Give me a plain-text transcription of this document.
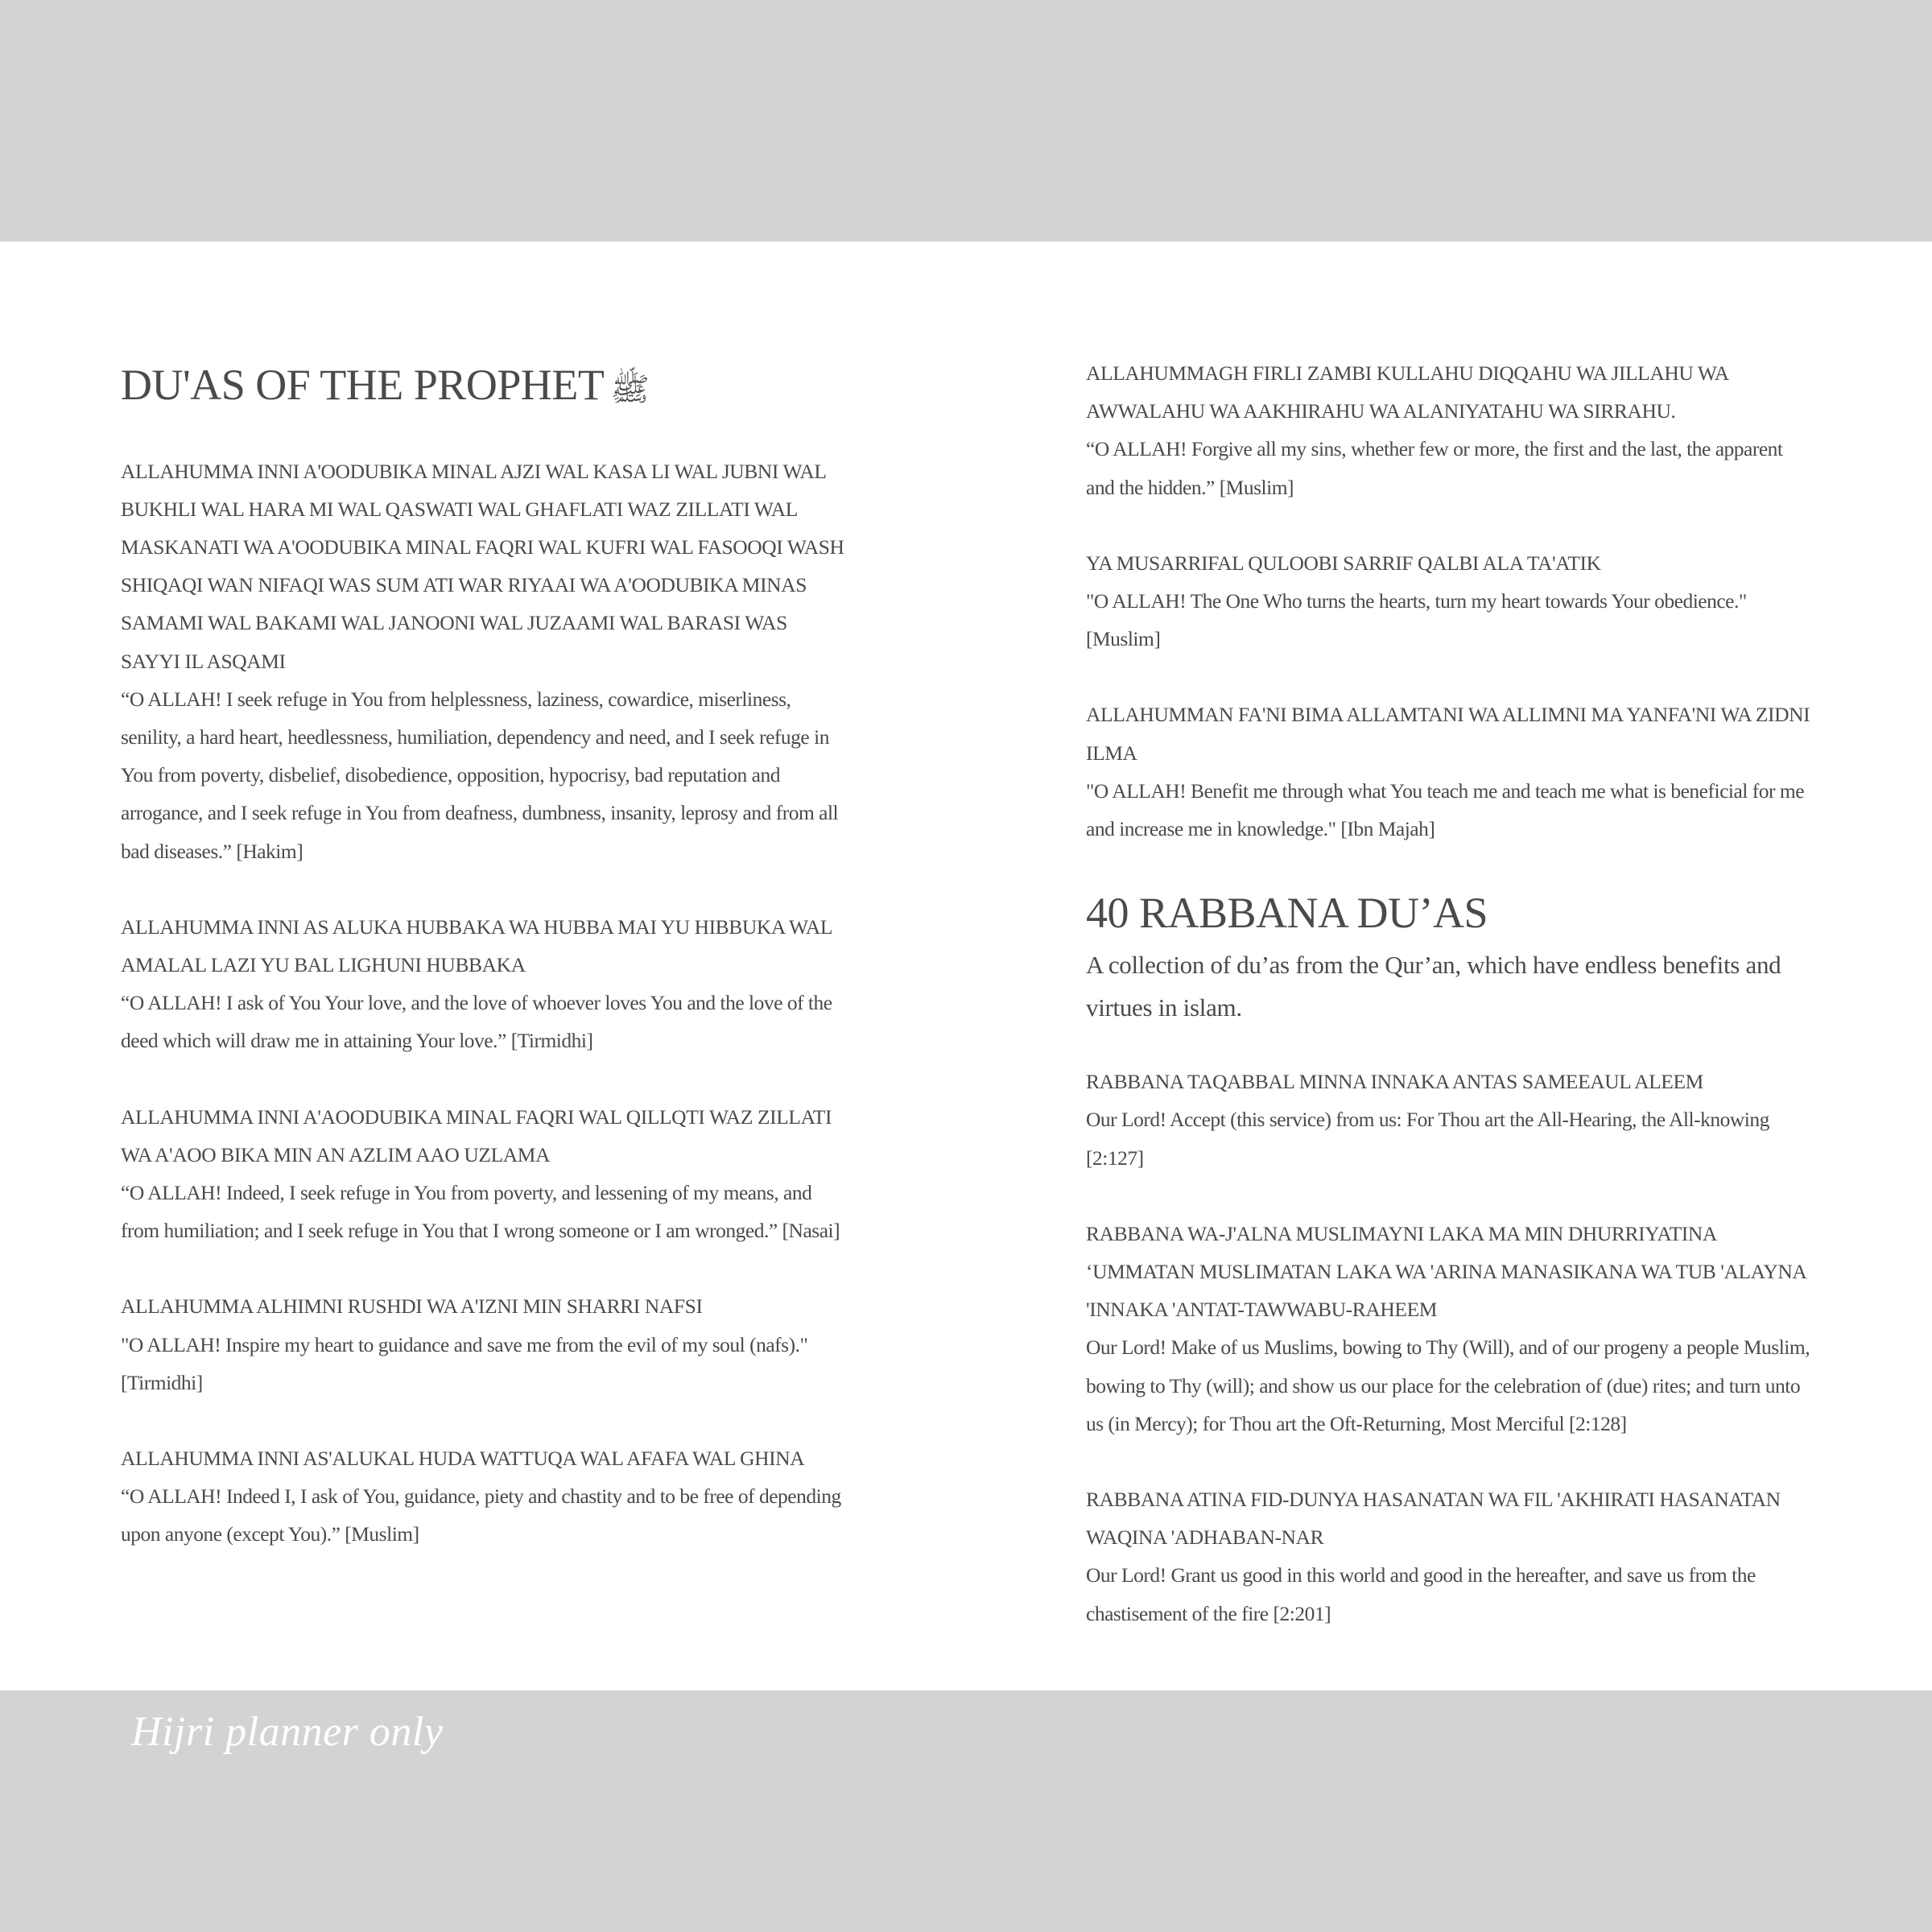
DU'AS OF THE PROPHET ﷺ

ALLAHUMMA INNI A'OODUBIKA MINAL AJZI WAL KASA LI WAL JUBNI WAL BUKHLI WAL HARA MI WAL QASWATI WAL GHAFLATI WAZ ZILLATI WAL MASKANATI WA A'OODUBIKA MINAL FAQRI WAL KUFRI WAL FASOOQI WASH SHIQAQI WAN NIFAQI WAS SUM ATI WAR RIYAAI WA A'OODUBIKA MINAS SAMAMI WAL BAKAMI WAL JANOONI WAL JUZAAMI WAL BARASI WAS SAYYI IL ASQAMI

“O ALLAH! I seek refuge in You from helplessness, laziness, cowardice, miserliness, senility, a hard heart, heedlessness, humiliation, dependency and need, and I seek refuge in You from poverty, disbelief, disobedience, opposition, hypocrisy, bad reputation and arrogance, and I seek refuge in You from deafness, dumbness, insanity, leprosy and from all bad diseases.” [Hakim]

ALLAHUMMA INNI AS ALUKA HUBBAKA WA HUBBA MAI YU HIBBUKA WAL AMALAL LAZI YU BAL LIGHUNI HUBBAKA

“O ALLAH! I ask of You Your love, and the love of whoever loves You and the love of the deed which will draw me in attaining Your love.” [Tirmidhi]

ALLAHUMMA INNI A'AOODUBIKA MINAL FAQRI WAL QILLQTI WAZ ZILLATI WA A'AOO BIKA MIN AN AZLIM AAO UZLAMA

“O ALLAH! Indeed, I seek refuge in You from poverty, and lessening of my means, and from humiliation; and I seek refuge in You that I wrong someone or I am wronged.” [Nasai]

ALLAHUMMA ALHIMNI RUSHDI WA A'IZNI MIN SHARRI NAFSI

"O ALLAH! Inspire my heart to guidance and save me from the evil of my soul (nafs)." [Tirmidhi]

ALLAHUMMA INNI AS'ALUKAL HUDA WATTUQA WAL AFAFA WAL GHINA

“O ALLAH! Indeed I, I ask of You, guidance, piety and chastity and to be free of depending upon anyone (except You).” [Muslim]

ALLAHUMMAGH FIRLI ZAMBI KULLAHU DIQQAHU WA JILLAHU WA AWWALAHU WA AAKHIRAHU WA ALANIYATAHU WA SIRRAHU.

“O ALLAH! Forgive all my sins, whether few or more, the first and the last, the apparent and the hidden.” [Muslim]

YA MUSARRIFAL QULOOBI SARRIF QALBI ALA TA'ATIK

"O ALLAH! The One Who turns the hearts, turn my heart towards Your obedience." [Muslim]

ALLAHUMMAN FA'NI BIMA ALLAMTANI WA ALLIMNI MA YANFA'NI WA ZIDNI ILMA

"O ALLAH! Benefit me through what You teach me and teach me what is beneficial for me and increase me in knowledge." [Ibn Majah]

40 RABBANA DU’AS

A collection of du’as from the Qur’an, which have endless benefits and virtues in islam.

RABBANA TAQABBAL MINNA INNAKA ANTAS SAMEEAUL ALEEM

Our Lord! Accept (this service) from us: For Thou art the All-Hearing, the All-knowing [2:127]

RABBANA WA-J'ALNA MUSLIMAYNI LAKA MA MIN DHURRIYATINA ‘UMMATAN MUSLIMATAN LAKA WA 'ARINA MANASIKANA WA TUB 'ALAYNA 'INNAKA 'ANTAT-TAWWABU-RAHEEM

Our Lord! Make of us Muslims, bowing to Thy (Will), and of our progeny a people Muslim, bowing to Thy (will); and show us our place for the celebration of (due) rites; and turn unto us (in Mercy); for Thou art the Oft-Returning, Most Merciful [2:128]

RABBANA ATINA FID-DUNYA HASANATAN WA FIL 'AKHIRATI HASANATAN WAQINA 'ADHABAN-NAR

Our Lord! Grant us good in this world and good in the hereafter, and save us from the chastisement of the fire [2:201]

Hijri planner only
